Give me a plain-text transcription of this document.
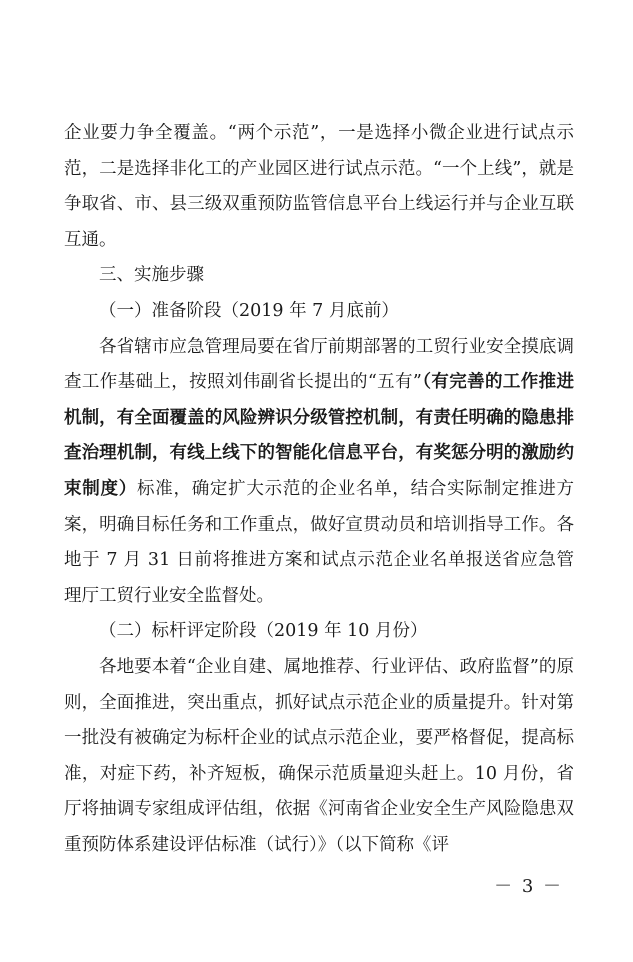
企业要力争全覆盖。“两个示范”，一是选择小微企业进行试点示范，二是选择非化工的产业园区进行试点示范。“一个上线”，就是争取省、市、县三级双重预防监管信息平台上线运行并与企业互联互通。

三、实施步骤

（一）准备阶段（2019 年 7 月底前）

各省辖市应急管理局要在省厅前期部署的工贸行业安全摸底调查工作基础上，按照刘伟副省长提出的“五有”（有完善的工作推进机制，有全面覆盖的风险辨识分级管控机制，有责任明确的隐患排查治理机制，有线上线下的智能化信息平台，有奖惩分明的激励约束制度）标准，确定扩大示范的企业名单，结合实际制定推进方案，明确目标任务和工作重点，做好宣贯动员和培训指导工作。各地于 7 月 31 日前将推进方案和试点示范企业名单报送省应急管理厅工贸行业安全监督处。

（二）标杆评定阶段（2019 年 10 月份）

各地要本着“企业自建、属地推荐、行业评估、政府监督”的原则，全面推进，突出重点，抓好试点示范企业的质量提升。针对第一批没有被确定为标杆企业的试点示范企业，要严格督促，提高标准，对症下药，补齐短板，确保示范质量迎头赶上。10 月份，省厅将抽调专家组成评估组，依据《河南省企业安全生产风险隐患双重预防体系建设评估标准（试行）》（以下简称《评

－ 3 －
